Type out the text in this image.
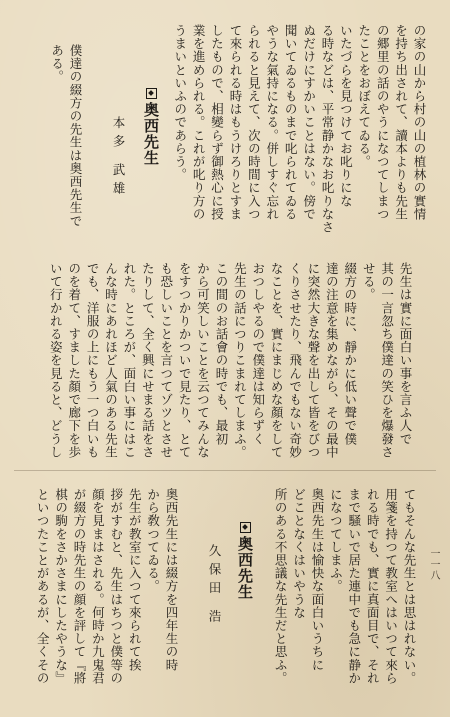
一一八
の家の山から村の山の植林の實情
を持ち出されて、讀本よりも先生
の郷里の話のやうになつてしまつ
たことをおぼえてゐる。
いたづらを見つけてお叱りにな
る時などは、平常静かなお叱りなさ
ぬだけにすかいことはない。傍で
聞いてゐるものまで叱られてゐる
やうな氣持になる。併しすぐ忘れ
られると見えて、次の時間に入つ
て來られる時はもうけろりとすま
したもので、相變らず御熱心に授
業を進められる。これが叱り方の
うまいといふのであらう。
奥西先生
本多 武雄
僕達の綴方の先生は奥西先生で
ある。
先生は實に面白い事を言ふ人で
其の一言忽ち僕達の笑ひを爆發さ
せる。
綴方の時に、靜かに低い聲で僕
達の注意を集めながら、その最中
に突然大きな聲を出して皆をびつ
くりさせたり、飛んでもない奇妙
なことを、實にまじめな顏をして
おつしやるので僕達は知らずく
先生の話につりこまれてしまふ。
この間のお話會の時でも、最初
から可笑しいことを云つてみんな
をすつかりかついで見たり、とて
も恐しいことを言つてゾツとさせ
たりして、全く興にせまる話をさ
れた。ところが、面白い事にはこ
んな時にあれほど人氣のある先生
でも、洋服の上にもう一つ白いも
のを着て、すました顏で廊下を歩
いて行かれる姿を見ると、どうし
てもそんな先生とは思はれない。
用箋を持つて教室へはいつて來ら
れる時でも、實に真面目で、それ
まで騒いで居た連中でも急に静か
になつてしまふ。
奥西先生は愉快な面白いうちに
どことなくはいやうな
所のある不思議な先生だと思ふ。
奥西先生
久保田 浩
奥西先生には綴方を四年生の時
から敎つてゐる。
先生が教室に入つて來られて挨
拶がすむと、先生はちつと僕等の
顔を見まはされる。何時か九鬼君
が綴方の時先生の顔を評して『將
棋の駒をさかさまにしたやうな』
といつたことがあるが、全くその
